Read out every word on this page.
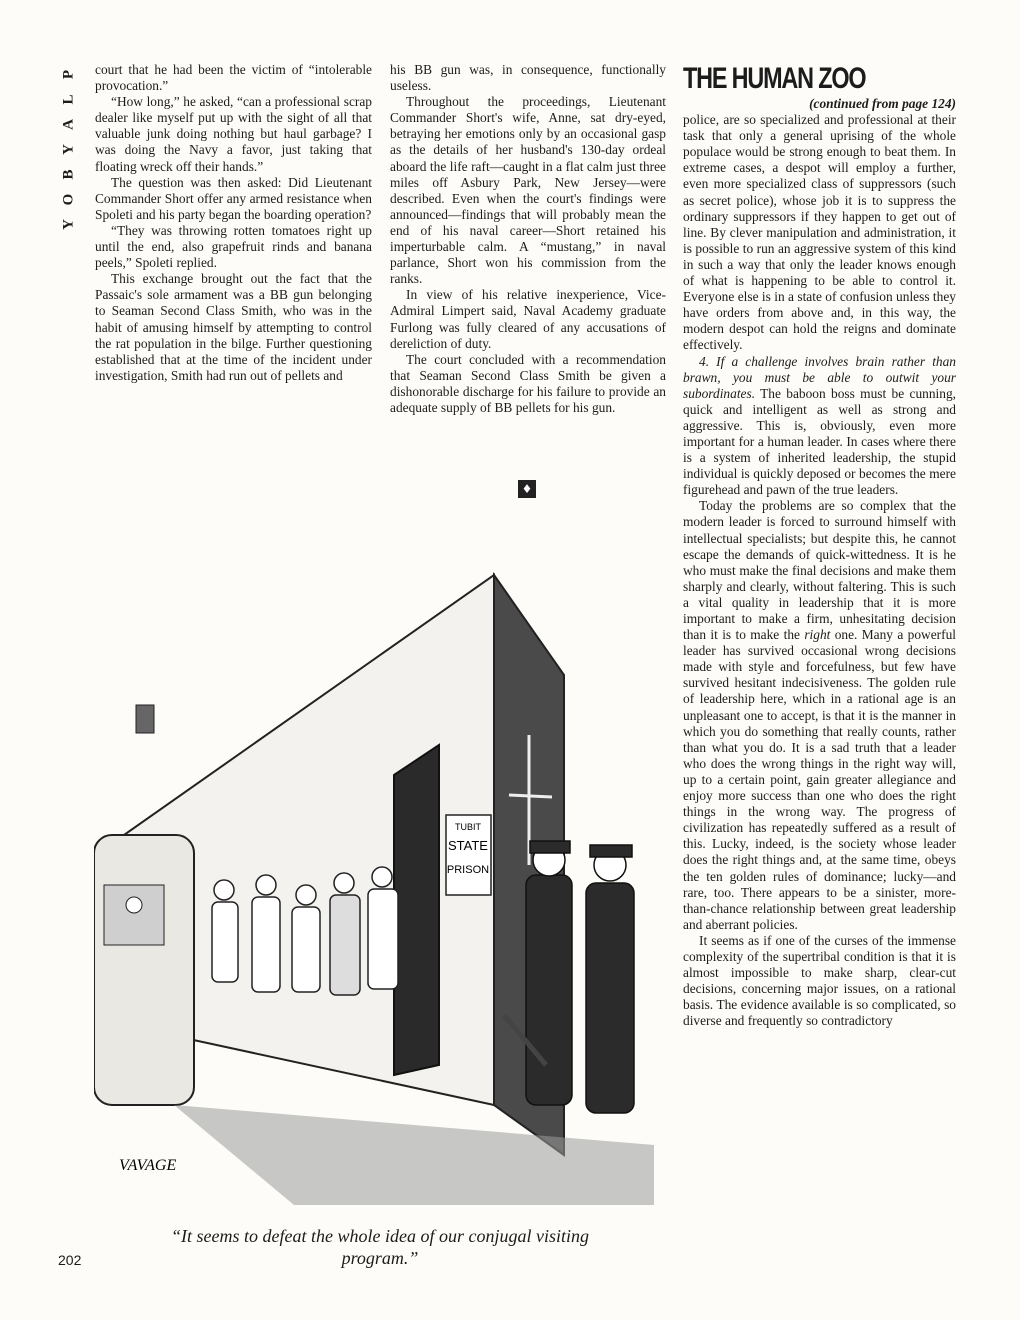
P
L
A
Y
B
O
Y

court that he had been the victim of “intolerable provocation.”

“How long,” he asked, “can a professional scrap dealer like myself put up with the sight of all that valuable junk doing nothing but haul garbage? I was doing the Navy a favor, just taking that floating wreck off their hands.”

The question was then asked: Did Lieutenant Commander Short offer any armed resistance when Spoleti and his party began the boarding operation?

“They was throwing rotten tomatoes right up until the end, also grapefruit rinds and banana peels,” Spoleti replied.

This exchange brought out the fact that the Passaic's sole armament was a BB gun belonging to Seaman Second Class Smith, who was in the habit of amusing himself by attempting to control the rat population in the bilge. Further questioning established that at the time of the incident under investigation, Smith had run out of pellets and

his BB gun was, in consequence, functionally useless.

Throughout the proceedings, Lieutenant Commander Short's wife, Anne, sat dry-eyed, betraying her emotions only by an occasional gasp as the details of her husband's 130-day ordeal aboard the life raft—caught in a flat calm just three miles off Asbury Park, New Jersey—were described. Even when the court's findings were announced—findings that will probably mean the end of his naval career—Short retained his imperturbable calm. A “mustang,” in naval parlance, Short won his commission from the ranks.

In view of his relative inexperience, Vice-Admiral Limpert said, Naval Academy graduate Furlong was fully cleared of any accusations of dereliction of duty.

The court concluded with a recommendation that Seaman Second Class Smith be given a dishonorable discharge for his failure to provide an adequate supply of BB pellets for his gun.

♦
THE HUMAN ZOO

(continued from page 124)

police, are so specialized and professional at their task that only a general uprising of the whole populace would be strong enough to beat them. In extreme cases, a despot will employ a further, even more specialized class of suppressors (such as secret police), whose job it is to suppress the ordinary suppressors if they happen to get out of line. By clever manipulation and administration, it is possible to run an aggressive system of this kind in such a way that only the leader knows enough of what is happening to be able to control it. Everyone else is in a state of confusion unless they have orders from above and, in this way, the modern despot can hold the reigns and dominate effectively.

4. If a challenge involves brain rather than brawn, you must be able to outwit your subordinates. The baboon boss must be cunning, quick and intelligent as well as strong and aggressive. This is, obviously, even more important for a human leader. In cases where there is a system of inherited leadership, the stupid individual is quickly deposed or becomes the mere figurehead and pawn of the true leaders.

Today the problems are so complex that the modern leader is forced to surround himself with intellectual specialists; but despite this, he cannot escape the demands of quick-wittedness. It is he who must make the final decisions and make them sharply and clearly, without faltering. This is such a vital quality in leadership that it is more important to make a firm, unhesitating decision than it is to make the right one. Many a powerful leader has survived occasional wrong decisions made with style and forcefulness, but few have survived hesitant indecisiveness. The golden rule of leadership here, which in a rational age is an unpleasant one to accept, is that it is the manner in which you do something that really counts, rather than what you do. It is a sad truth that a leader who does the wrong things in the right way will, up to a certain point, gain greater allegiance and enjoy more success than one who does the right things in the wrong way. The progress of civilization has repeatedly suffered as a result of this. Lucky, indeed, is the society whose leader does the right things and, at the same time, obeys the ten golden rules of dominance; lucky—and rare, too. There appears to be a sinister, more-than-chance relationship between great leadership and aberrant policies.

It seems as if one of the curses of the immense complexity of the supertribal condition is that it is almost impossible to make sharp, clear-cut decisions, concerning major issues, on a rational basis. The evidence available is so complicated, so diverse and frequently so contradictory

TUBIT
STATE
PRISON
VAVAGE
“It seems to defeat the whole idea of our conjugal visiting program.”
202
